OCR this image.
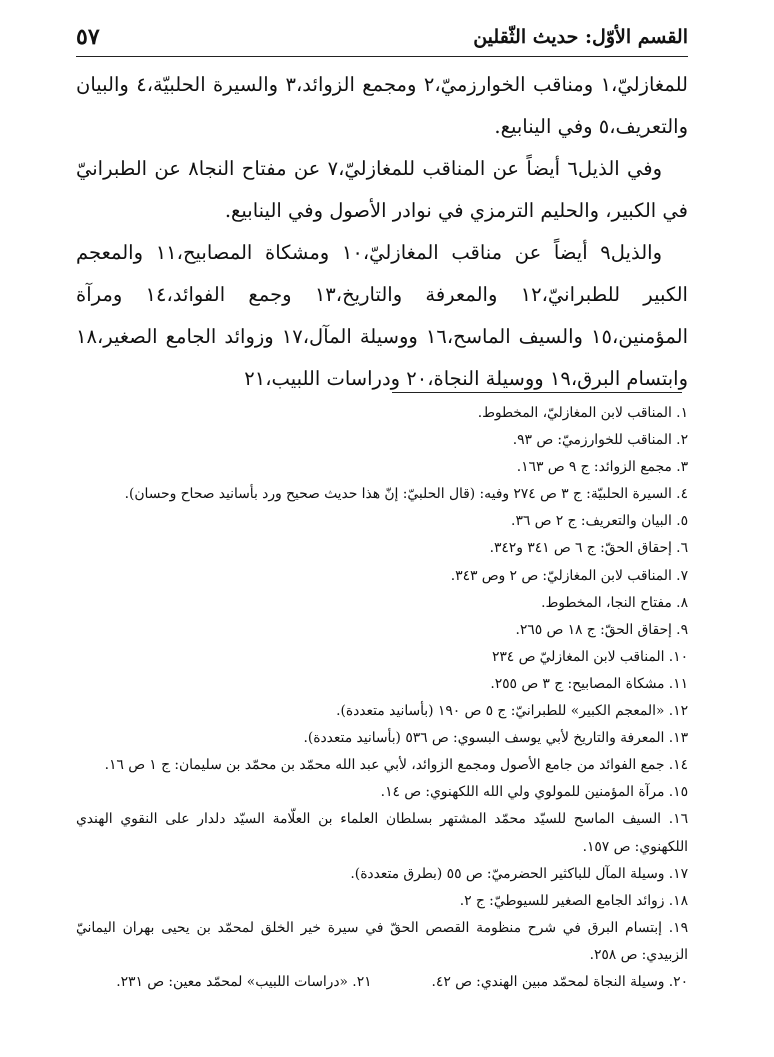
القسم الأوّل: حديث الثّقلين
٥٧

للمغازليّ،١ ومناقب الخوارزميّ،٢ ومجمع الزوائد،٣ والسيرة الحلبيّة،٤ والبيان والتعريف،٥ وفي الينابيع.

وفي الذيل٦ أيضاً عن المناقب للمغازليّ،٧ عن مفتاح النجا٨ عن الطبرانيّ في الكبير، والحليم الترمزي في نوادر الأصول وفي الينابيع.

والذيل٩ أيضاً عن مناقب المغازليّ،١٠ ومشكاة المصابيح،١١ والمعجم الكبير للطبرانيّ،١٢ والمعرفة والتاريخ،١٣ وجمع الفوائد،١٤ ومرآة المؤمنين،١٥ والسيف الماسح،١٦ ووسيلة المآل،١٧ وزوائد الجامع الصغير،١٨ وابتسام البرق،١٩ ووسيلة النجاة،٢٠ ودراسات اللبيب،٢١

١. المناقب لابن المغازليّ، المخطوط.

٢. المناقب للخوارزميّ: ص ٩٣.

٣. مجمع الزوائد: ج ٩ ص ١٦٣.

٤. السيرة الحلبيّة: ج ٣ ص ٢٧٤ وفيه: (قال الحلبيّ: إنّ هذا حديث صحيح ورد بأسانيد صحاح وحسان).

٥. البيان والتعريف: ج ٢ ص ٣٦.

٦. إحقاق الحقّ: ج ٦ ص ٣٤١ و٣٤٢.

٧. المناقب لابن المغازليّ: ص ٢ وص ٣٤٣.

٨. مفتاح النجا، المخطوط.

٩. إحقاق الحقّ: ج ١٨ ص ٢٦٥.

١٠. المناقب لابن المغازليّ ص ٢٣٤

١١. مشكاة المصابيح: ج ٣ ص ٢٥٥.

١٢. «المعجم الكبير» للطبرانيّ: ج ٥ ص ١٩٠ (بأسانيد متعددة).

١٣. المعرفة والتاريخ لأبي يوسف البسوي: ص ٥٣٦ (بأسانيد متعددة).

١٤. جمع الفوائد من جامع الأصول ومجمع الزوائد، لأبي عبد الله محمّد بن محمّد بن سليمان: ج ١ ص ١٦.

١٥. مرآة المؤمنين للمولوي ولي الله اللكهنوي: ص ١٤.

١٦. السيف الماسح للسيّد محمّد المشتهر بسلطان العلماء بن العلّامة السيّد دلدار على النقوي الهندي اللكهنوي: ص ١٥٧.

١٧. وسيلة المآل للباكثير الحضرميّ: ص ٥٥ (بطرق متعددة).

١٨. زوائد الجامع الصغير للسيوطيّ: ج ٢.

١٩. إبتسام البرق في شرح منظومة القصص الحقّ في سيرة خير الخلق لمحمّد بن يحيى بهران اليمانيّ الزبيدي: ص ٢٥٨.

٢٠. وسيلة النجاة لمحمّد مبين الهندي: ص ٤٢.
٢١. «دراسات اللبيب» لمحمّد معين: ص ٢٣١.
